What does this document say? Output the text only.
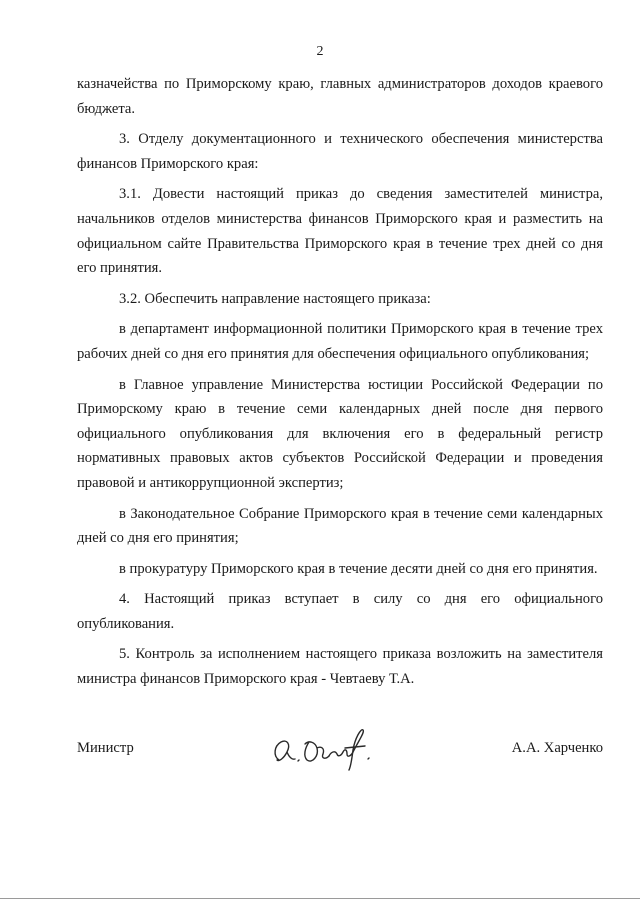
2

казначейства по Приморскому краю, главных администраторов доходов краевого бюджета.

3. Отделу документационного и технического обеспечения министерства финансов Приморского края:

3.1. Довести настоящий приказ до сведения заместителей министра, начальников отделов министерства финансов Приморского края и разместить на официальном сайте Правительства Приморского края в течение трех дней со дня его принятия.

3.2. Обеспечить направление настоящего приказа:

в департамент информационной политики Приморского края в течение трех рабочих дней со дня его принятия для обеспечения официального опубликования;

в Главное управление Министерства юстиции Российской Федерации по Приморскому краю в течение семи календарных дней после дня первого официального опубликования для включения его в федеральный регистр нормативных правовых актов субъектов Российской Федерации и проведения правовой и антикоррупционной экспертиз;

в Законодательное Собрание Приморского края в течение семи календарных дней со дня его принятия;

в прокуратуру Приморского края в течение десяти дней со дня его принятия.

4. Настоящий приказ вступает в силу со дня его официального опубликования.

5. Контроль за исполнением настоящего приказа возложить на заместителя министра финансов Приморского края - Чевтаеву Т.А.

Министр	А.А. Харченко
